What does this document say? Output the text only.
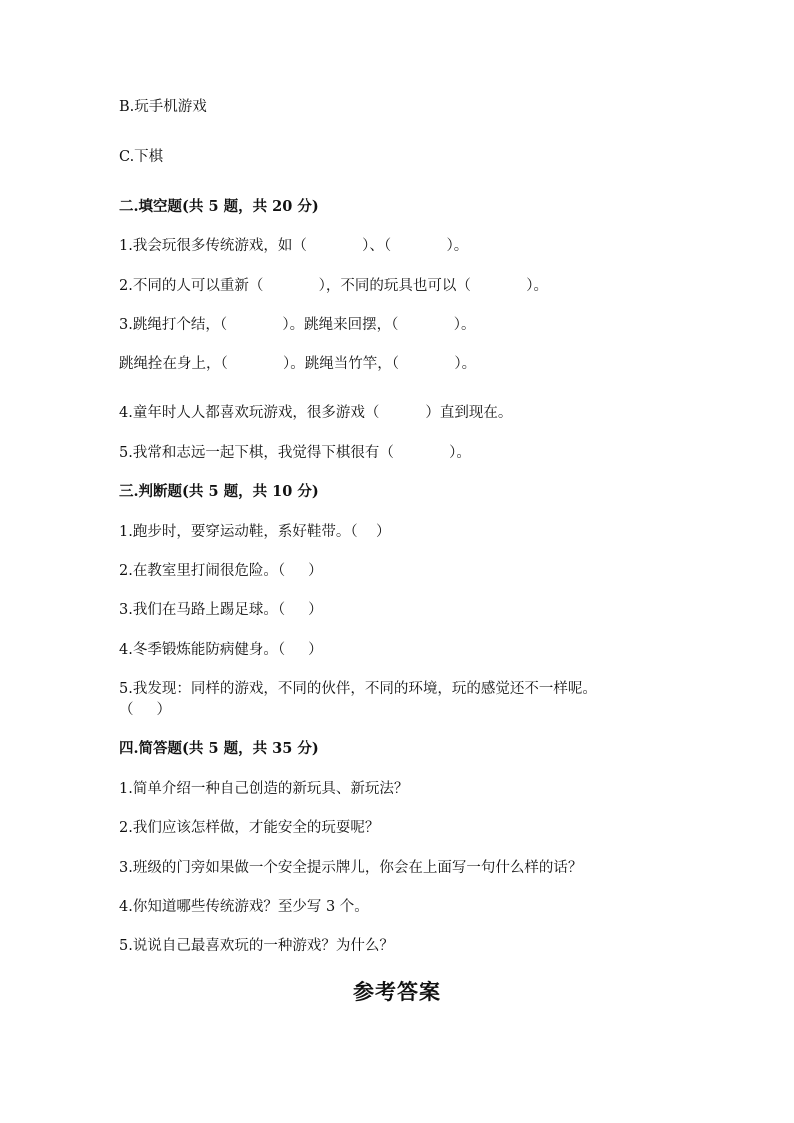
B.玩手机游戏
C.下棋
二.填空题(共 5 题，共 20 分)
1.我会玩很多传统游戏，如（            ）、（            ）。
2.不同的人可以重新（            ），不同的玩具也可以（            ）。
3.跳绳打个结，（            ）。跳绳来回摆，（            ）。
跳绳拴在身上，（            ）。跳绳当竹竿，（            ）。
4.童年时人人都喜欢玩游戏，很多游戏（          ）直到现在。
5.我常和志远一起下棋，我觉得下棋很有（            ）。
三.判断题(共 5 题，共 10 分)
1.跑步时，要穿运动鞋，系好鞋带。（    ）
2.在教室里打闹很危险。（     ）
3.我们在马路上踢足球。（     ）
4.冬季锻炼能防病健身。（     ）
5.我发现：同样的游戏，不同的伙伴，不同的环境，玩的感觉还不一样呢。
（     ）
四.简答题(共 5 题，共 35 分)
1.简单介绍一种自己创造的新玩具、新玩法？
2.我们应该怎样做，才能安全的玩耍呢？
3.班级的门旁如果做一个安全提示牌儿，你会在上面写一句什么样的话？
4.你知道哪些传统游戏？至少写 3 个。
5.说说自己最喜欢玩的一种游戏？为什么？
参考答案
